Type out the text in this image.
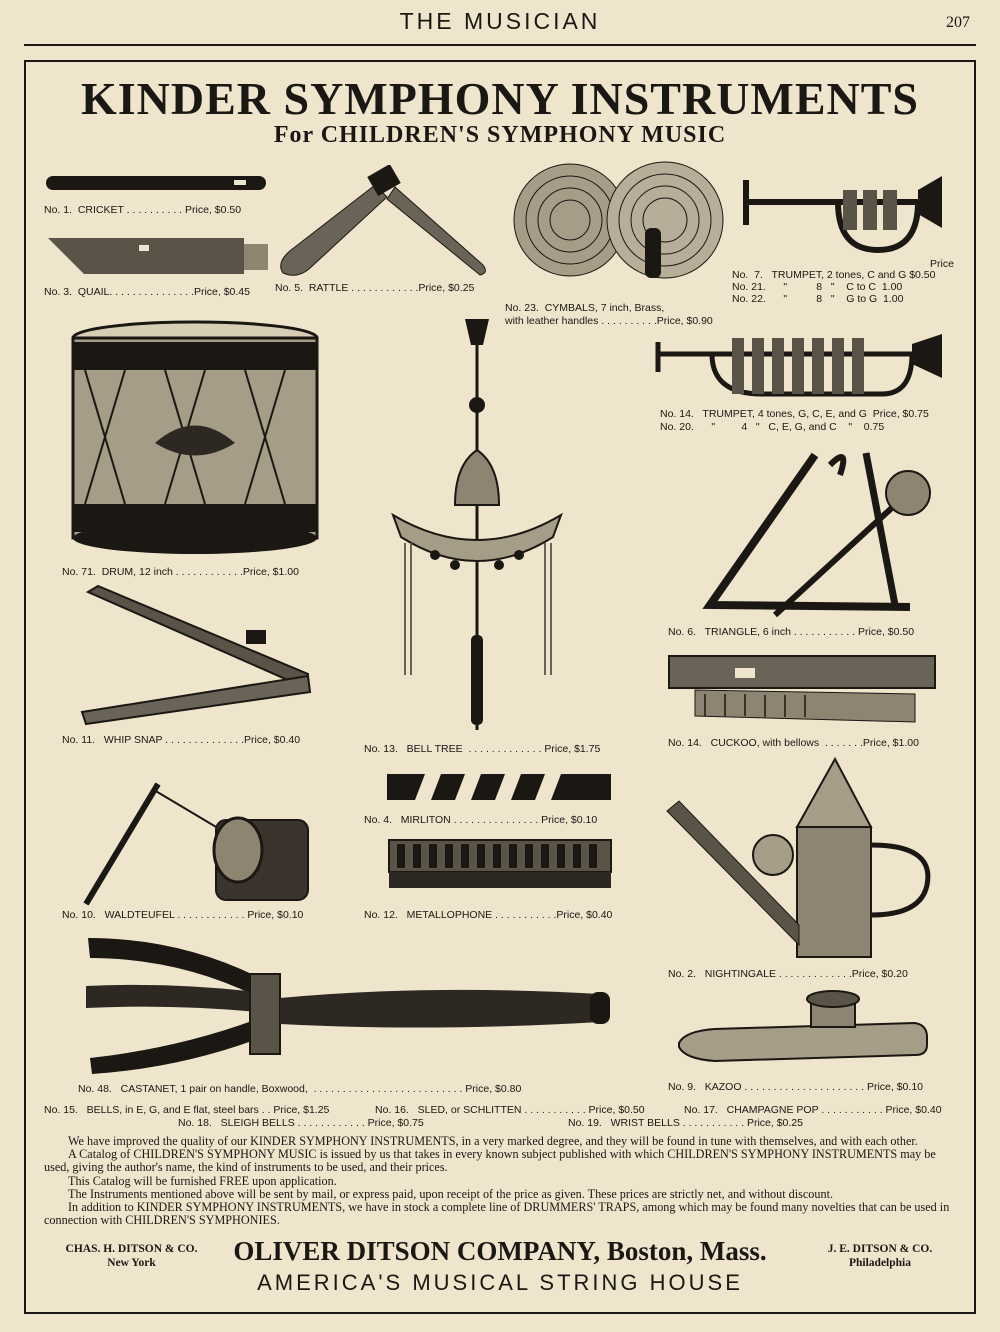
THE MUSICIAN	207
KINDER SYMPHONY INSTRUMENTS
For CHILDREN'S SYMPHONY MUSIC
No. 1.  CRICKET . . . . . . . . . . Price, $0.50
No. 3.  QUAIL. . . . . . . . . . . . . . .Price, $0.45 No. 5.  RATTLE . . . . . . . . . . . .Price, $0.25
No. 23.  CYMBALS, 7 inch, Brass,
with leather handles . . . . . . . . . .Price, $0.90
Price
No.  7.   TRUMPET, 2 tones, C and G $0.50
No. 21.      "          8   "    C to C  1.00
No. 22.      "          8   "    G to G  1.00
No. 14.   TRUMPET, 4 tones, G, C, E, and G  Price, $0.75
No. 20.      "         4   "   C, E, G, and C    "    0.75
No. 71.  DRUM, 12 inch . . . . . . . . . . . .Price, $1.00
No. 6.   TRIANGLE, 6 inch . . . . . . . . . . . Price, $0.50
No. 11.   WHIP SNAP . . . . . . . . . . . . . .Price, $0.40
No. 13.   BELL TREE  . . . . . . . . . . . . . Price, $1.75	No. 14.   CUCKOO, with bellows  . . . . . . .Price, $1.00
No. 4.   MIRLITON . . . . . . . . . . . . . . . Price, $0.10
No. 10.   WALDTEUFEL . . . . . . . . . . . . Price, $0.10	No. 12.   METALLOPHONE . . . . . . . . . . .Price, $0.40
No. 2.   NIGHTINGALE . . . . . . . . . . . . .Price, $0.20
No. 48.   CASTANET, 1 pair on handle, Boxwood,  . . . . . . . . . . . . . . . . . . . . . . . . . . Price, $0.80	No. 9.   KAZOO . . . . . . . . . . . . . . . . . . . . . Price, $0.10
No. 15.   BELLS, in E, G, and E flat, steel bars . . Price, $1.25	No. 16.   SLED, or SCHLITTEN . . . . . . . . . . . Price, $0.50	No. 17.   CHAMPAGNE POP . . . . . . . . . . . Price, $0.40
No. 18.   SLEIGH BELLS . . . . . . . . . . . . Price, $0.75	No. 19.   WRIST BELLS . . . . . . . . . . . Price, $0.25

We have improved the quality of our KINDER SYMPHONY INSTRUMENTS, in a very marked degree, and they will be found in tune with themselves, and with each other.

A Catalog of CHILDREN'S SYMPHONY MUSIC is issued by us that takes in every known subject published with which CHILDREN'S SYMPHONY INSTRUMENTS may be used, giving the author's name, the kind of instruments to be used, and their prices.

This Catalog will be furnished FREE upon application.

The Instruments mentioned above will be sent by mail, or express paid, upon receipt of the price as given. These prices are strictly net, and without discount.

In addition to KINDER SYMPHONY INSTRUMENTS, we have in stock a complete line of DRUMMERS' TRAPS, among which may be found many novelties that can be used in connection with CHILDREN'S SYMPHONIES.

CHAS. H. DITSON & CO.
New York	OLIVER DITSON COMPANY, Boston, Mass.	J. E. DITSON & CO.
Philadelphia
AMERICA'S MUSICAL STRING HOUSE
